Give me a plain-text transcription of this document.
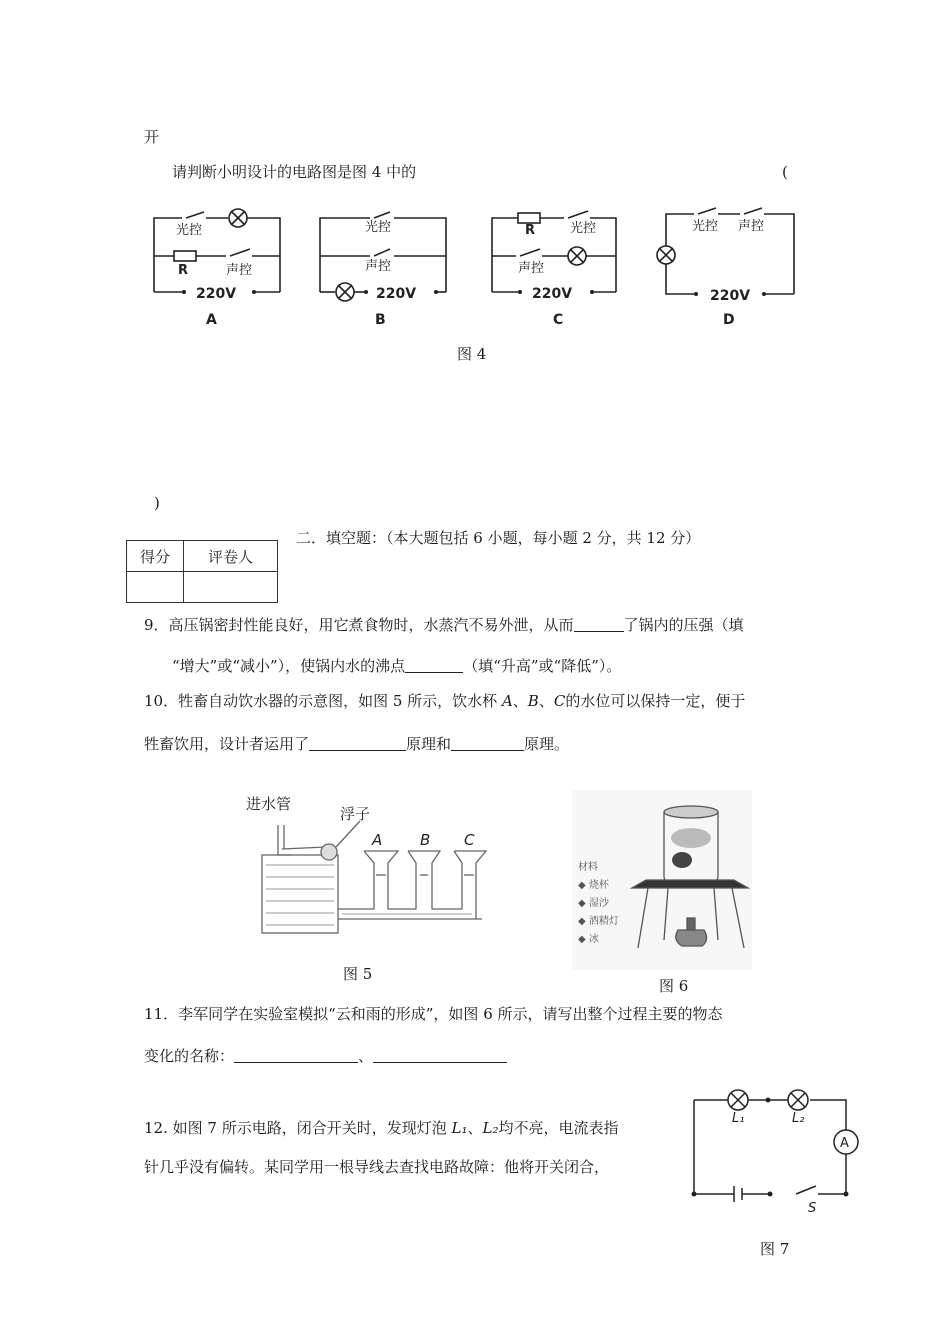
开
请判断小明设计的电路图是图 4 中的	(
光控
R	声控
220V
A
光控
声控
220V
B
R	光控
声控
220V
C
光控 声控
220V
D
图 4
)
得分	评卷人

二．填空题：（本大题包括 6 小题，每小题 2 分，共 12 分）
9．高压锅密封性能良好，用它煮食物时，水蒸汽不易外泄，从而	了锅内的压强（填
“增大”或“减小”），使锅内水的沸点	（填“升高”或“降低”）。
10．牲畜自动饮水器的示意图，如图 5 所示，饮水杯 A、B、C的水位可以保持一定，便于
牲畜饮用，设计者运用了	原理和	原理。
进水管
浮子
A	B C
图 5
材料
◆ 烧杯
◆ 湿沙
◆ 酒精灯
◆ 冰
图 6
11．李军同学在实验室模拟“云和雨的形成”，如图 6 所示，请写出整个过程主要的物态
变化的名称：	、
12. 如图 7 所示电路，闭合开关时，发现灯泡 L₁、L₂均不亮，电流表指
针几乎没有偏转。某同学用一根导线去查找电路故障：他将开关闭合，
L₁	L₂
A
S
图 7
